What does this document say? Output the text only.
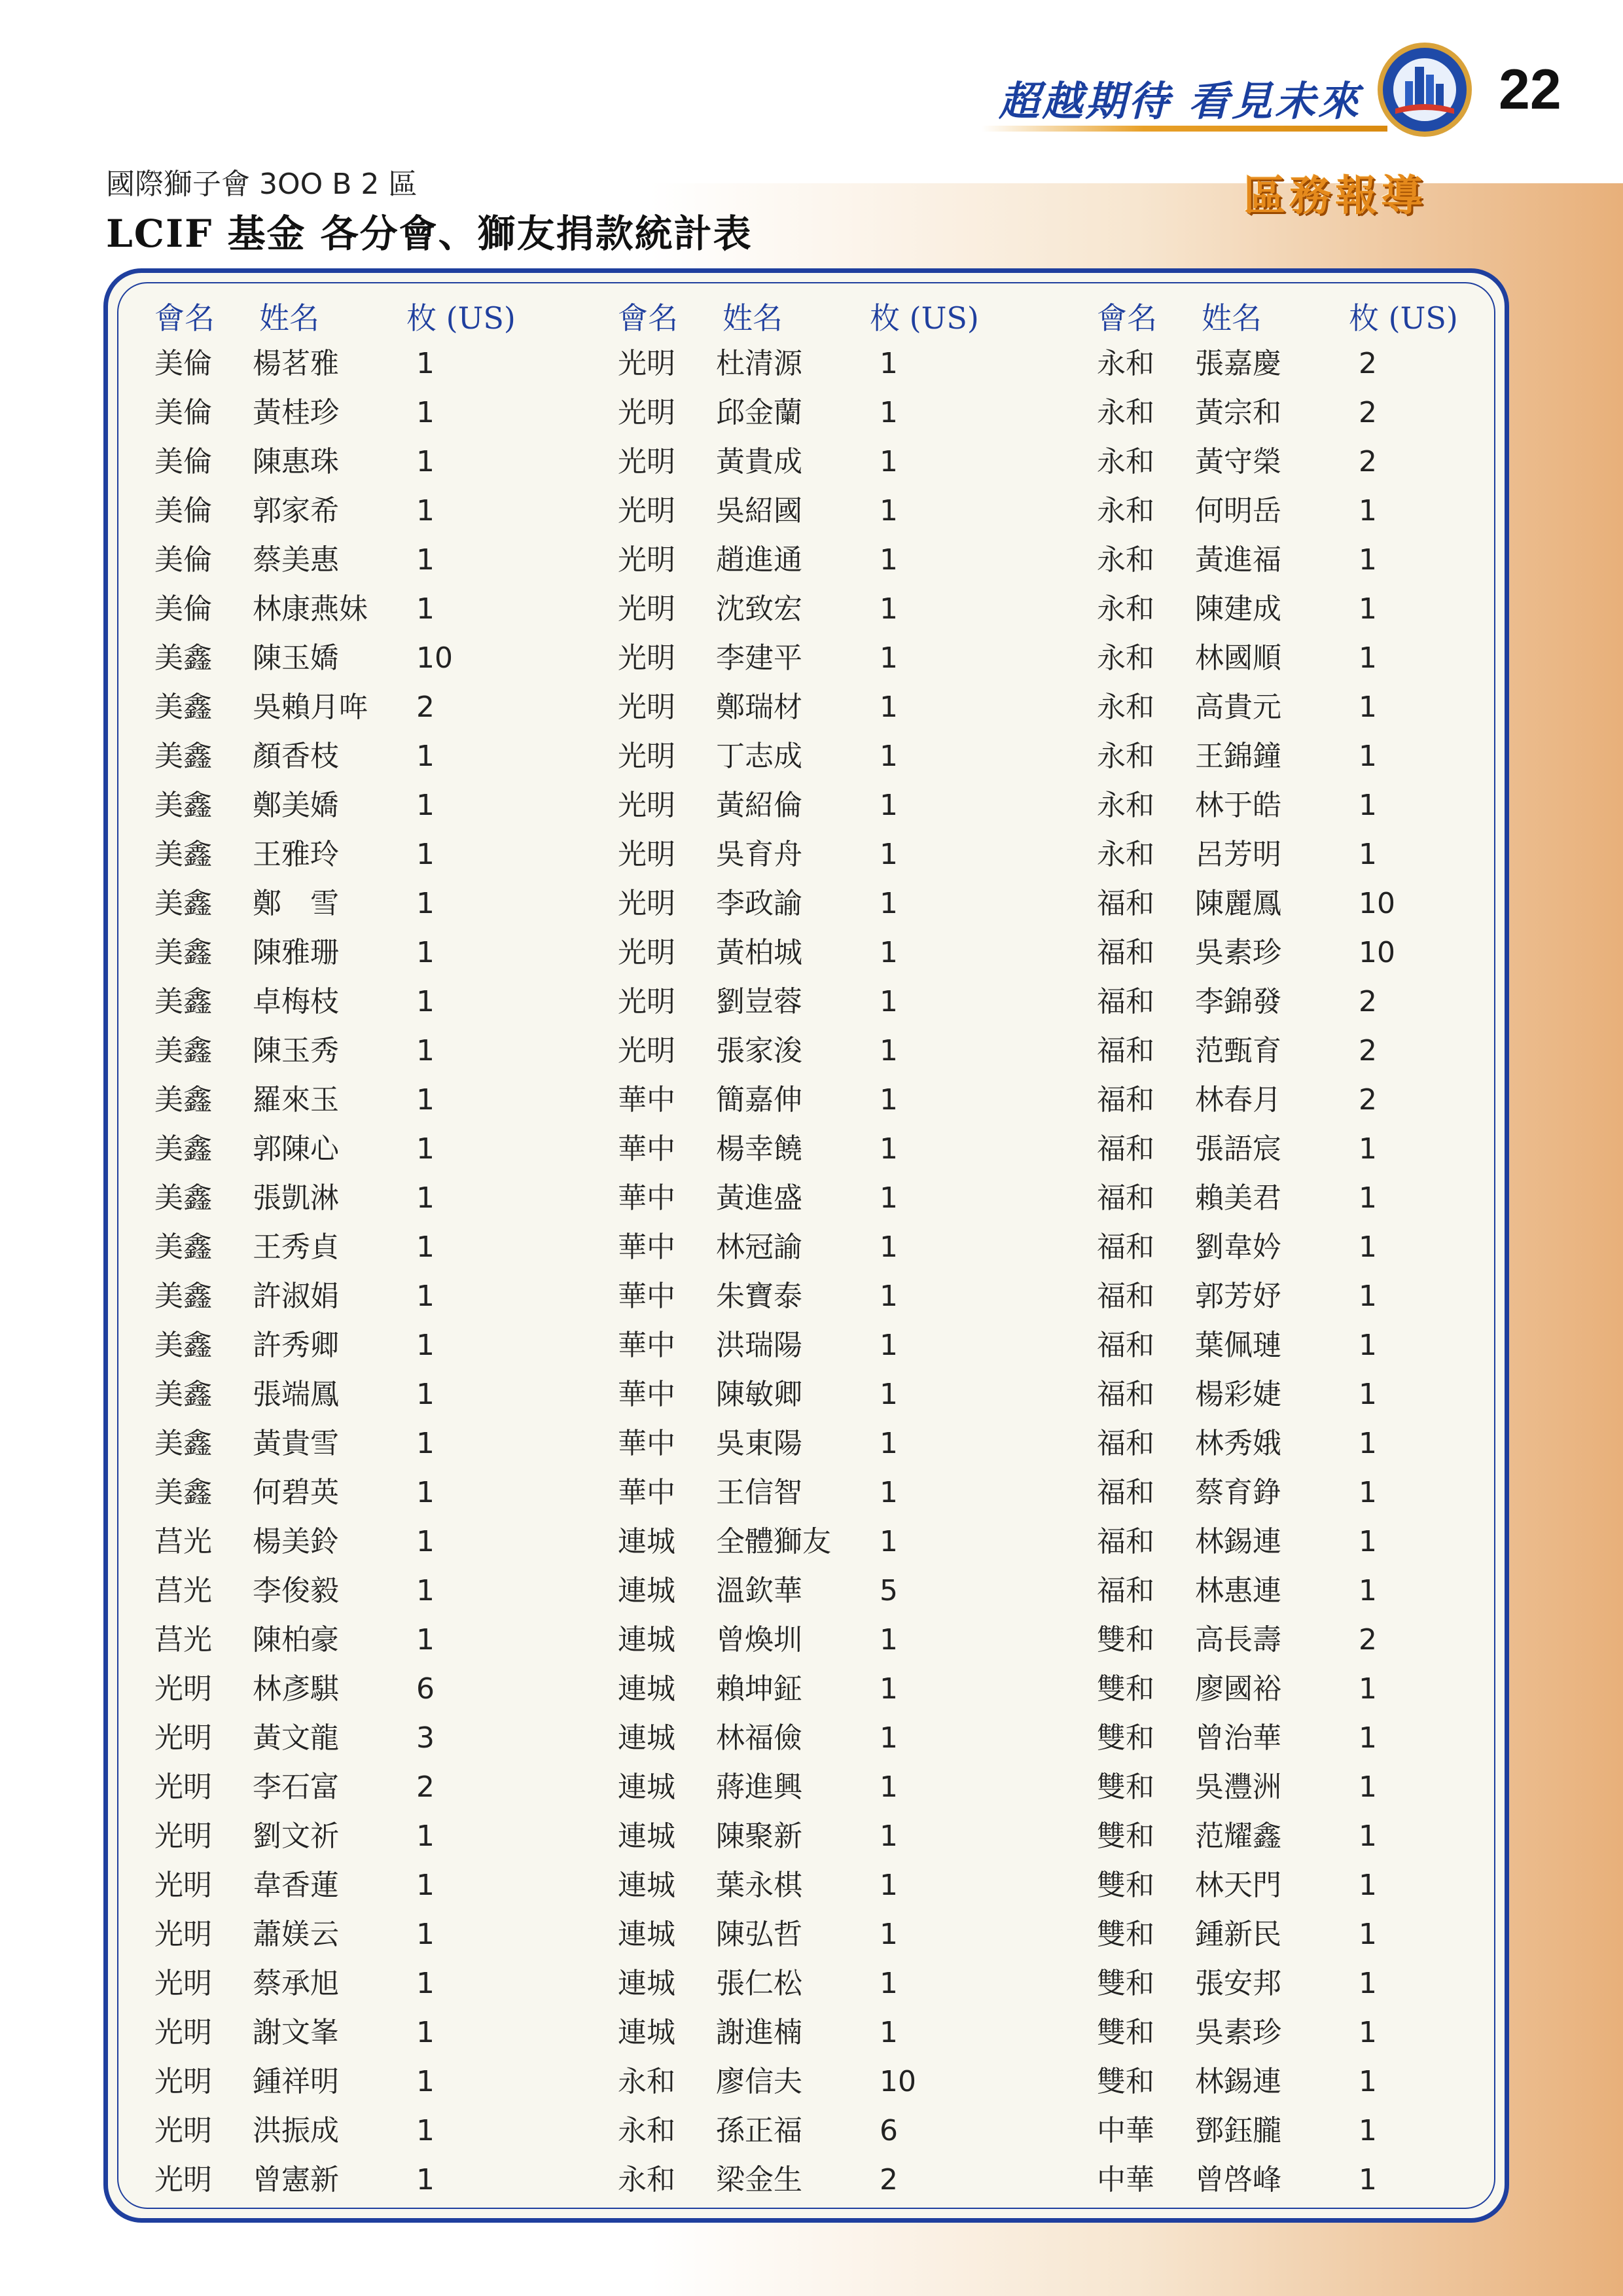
超越期待 看見未來 22
區務報導
國際獅子會 3OO B 2 區
LCIF 基金 各分會、獅友捐款統計表
會名 姓名	枚 (US)
美倫 楊茗雅	1
美倫 黃桂珍	1
美倫 陳惠珠	1
美倫 郭家希	1
美倫 蔡美惠	1
美倫 林康燕妹 1
美鑫 陳玉嬌	10
美鑫 吳賴月哖 2
美鑫 顏香枝	1
美鑫 鄭美嬌	1
美鑫 王雅玲	1
美鑫 鄭　雪	1
美鑫 陳雅珊	1
美鑫 卓梅枝	1
美鑫 陳玉秀	1
美鑫 羅來玉	1
美鑫 郭陳心	1
美鑫 張凱淋	1
美鑫 王秀貞	1
美鑫 許淑娟	1
美鑫 許秀卿	1
美鑫 張端鳳	1
美鑫 黃貴雪	1
美鑫 何碧英	1
莒光 楊美鈴	1
莒光 李俊毅	1
莒光 陳柏豪	1
光明 林彥騏	6
光明 黃文龍	3
光明 李石富	2
光明 劉文祈	1
光明 韋香蓮	1
光明 蕭媄云	1
光明 蔡承旭	1
光明 謝文峯	1
光明 鍾祥明	1
光明 洪振成	1
光明 曾憲新	1
會名 姓名	枚 (US)
光明 杜清源	1
光明 邱金蘭	1
光明 黃貴成	1
光明 吳紹國	1
光明 趙進通	1
光明 沈致宏	1
光明 李建平	1
光明 鄭瑞材	1
光明 丁志成	1
光明 黃紹倫	1
光明 吳育舟	1
光明 李政諭	1
光明 黃柏城	1
光明 劉豈蓉	1
光明 張家浚	1
華中 簡嘉伸	1
華中 楊幸饒	1
華中 黃進盛	1
華中 林冠諭	1
華中 朱寶泰	1
華中 洪瑞陽	1
華中 陳敏卿	1
華中 吳東陽	1
華中 王信智	1
連城 全體獅友 1
連城 溫欽華	5
連城 曾煥圳	1
連城 賴坤鉦	1
連城 林福儉	1
連城 蔣進興	1
連城 陳聚新	1
連城 葉永棋	1
連城 陳弘哲	1
連城 張仁松	1
連城 謝進楠	1
永和 廖信夫	10
永和 孫正福	6
永和 梁金生	2
會名 姓名	枚 (US)
永和 張嘉慶	2
永和 黃宗和	2
永和 黃守榮	2
永和 何明岳	1
永和 黃進福	1
永和 陳建成	1
永和 林國順	1
永和 高貴元	1
永和 王錦鐘	1
永和 林于皓	1
永和 呂芳明	1
福和 陳麗鳳	10
福和 吳素珍	10
福和 李錦發	2
福和 范甄育	2
福和 林春月	2
福和 張語宸	1
福和 賴美君	1
福和 劉韋妗	1
福和 郭芳妤	1
福和 葉佩璉	1
福和 楊彩婕	1
福和 林秀娥	1
福和 蔡育錚	1
福和 林錫連	1
福和 林惠連	1
雙和 高長壽	2
雙和 廖國裕	1
雙和 曾治華	1
雙和 吳灃洲	1
雙和 范耀鑫	1
雙和 林天門	1
雙和 鍾新民	1
雙和 張安邦	1
雙和 吳素珍	1
雙和 林錫連	1
中華 鄧鈺朧	1
中華 曾啓峰	1
